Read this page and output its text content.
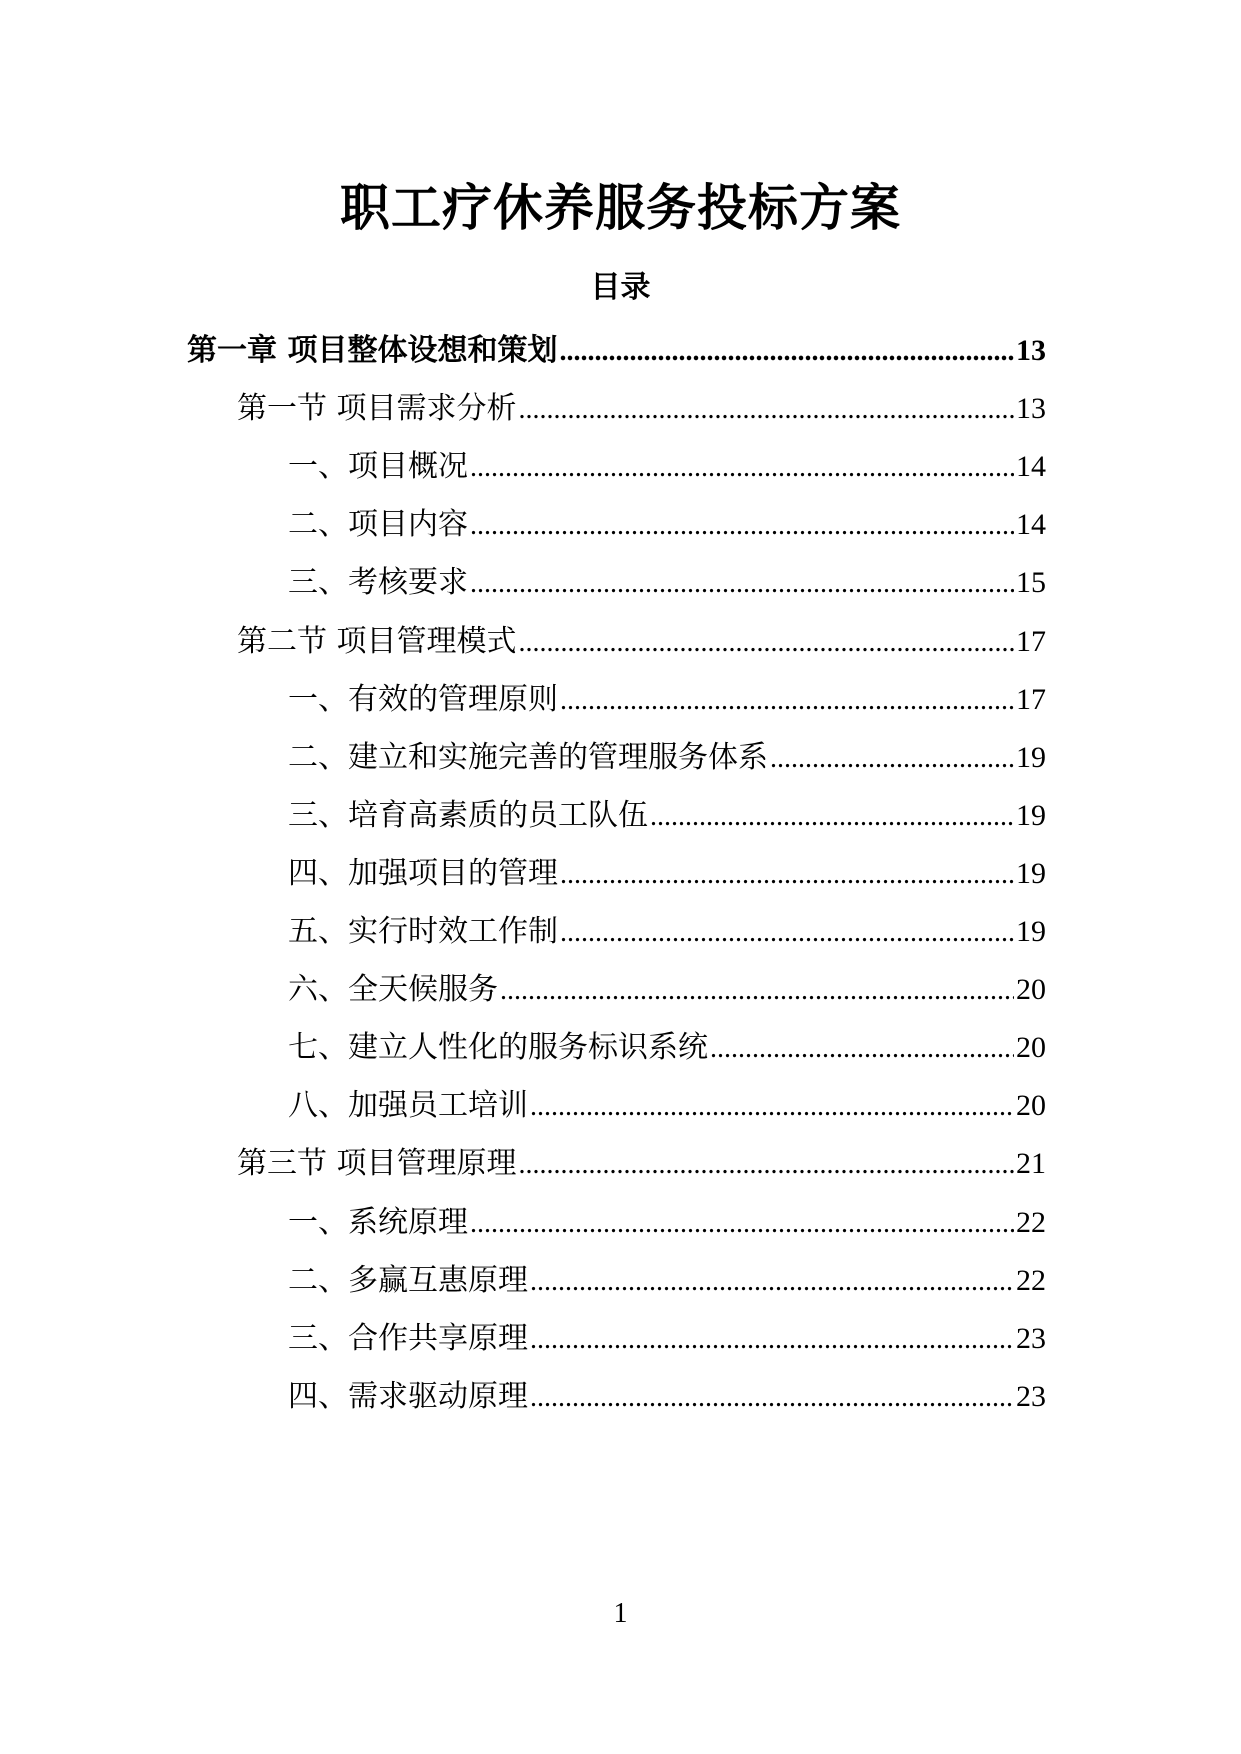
职工疗休养服务投标方案
目录
第一章 项目整体设想和策划 .....	13
第一节 项目需求分析 .....	13
一、项目概况 .....	14
二、项目内容 .....	14
三、考核要求 .....	15
第二节 项目管理模式 .....	17
一、有效的管理原则 .....	17
二、建立和实施完善的管理服务体系 .....	19
三、培育高素质的员工队伍 .....	19
四、加强项目的管理 .....	19
五、实行时效工作制 .....	19
六、全天候服务 .....	20
七、建立人性化的服务标识系统 .....	20
八、加强员工培训 .....	20
第三节 项目管理原理 .....	21
一、系统原理 .....	22
二、多赢互惠原理 .....	22
三、合作共享原理 .....	23
四、需求驱动原理 .....	23
1
